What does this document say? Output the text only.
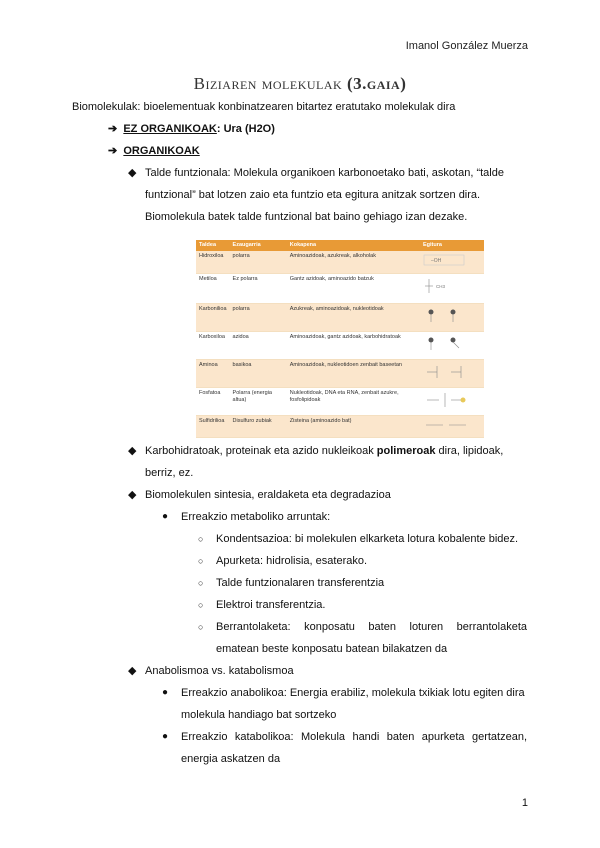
Imanol González Muerza
Biziaren molekulak (3.gaia)
Biomolekulak: bioelementuak konbinatzearen bitartez eratutako molekulak dira
➔ EZ ORGANIKOAK: Ura (H2O)
➔ ORGANIKOAK
◆ Talde funtzionala: Molekula organikoen karbonoetako bati, askotan, “talde
funtzional” bat lotzen zaio eta funtzio eta egitura anitzak sortzen dira.
Biomolekula batek talde funtzional bat baino gehiago izan dezake.
Taldea	Ezaugarria	Kokapena	Egitura
Hidroxiloa	polarra	Aminoazidoak, azukreak, alkoholak	–OH

Metiloa	Ez polarra	Gantz azidoak, aminoazido batzuk	CH3

Karbonilioa	polarra	Azukreak, aminoazidoak, nukleotidoak	

Karboxiloa	azidoa	Aminoazidoak, gantz azidoak, karbohidratoak	

Aminoa	basikoa	Aminoazidoak, nukleotidoen zenbait baseetan	

Fosfatoa	Polarra (energia altua)	Nukleotidoak, DNA eta RNA, zenbait azukre, fosfolipidoak	

Sulfidrilioa	Disulfuro zubiak	Zisteina (aminoazido bat)	
◆ Karbohidratoak, proteinak eta azido nukleikoak polimeroak dira, lipidoak,
berriz, ez.
◆ Biomolekulen sintesia, eraldaketa eta degradazioa
● Erreakzio metaboliko arruntak:
○ Kondentsazioa: bi molekulen elkarketa lotura kobalente bidez.
○ Apurketa: hidrolisia, esaterako.
○ Talde funtzionalaren transferentzia
○ Elektroi transferentzia.
○ Berrantolaketa: konposatu baten loturen berrantolaketa
ematean beste konposatu batean bilakatzen da
◆ Anabolismoa vs. katabolismoa
● Erreakzio anabolikoa: Energia erabiliz, molekula txikiak lotu egiten dira
molekula handiago bat sortzeko
● Erreakzio katabolikoa: Molekula handi baten apurketa gertatzean,
energia askatzen da
1
